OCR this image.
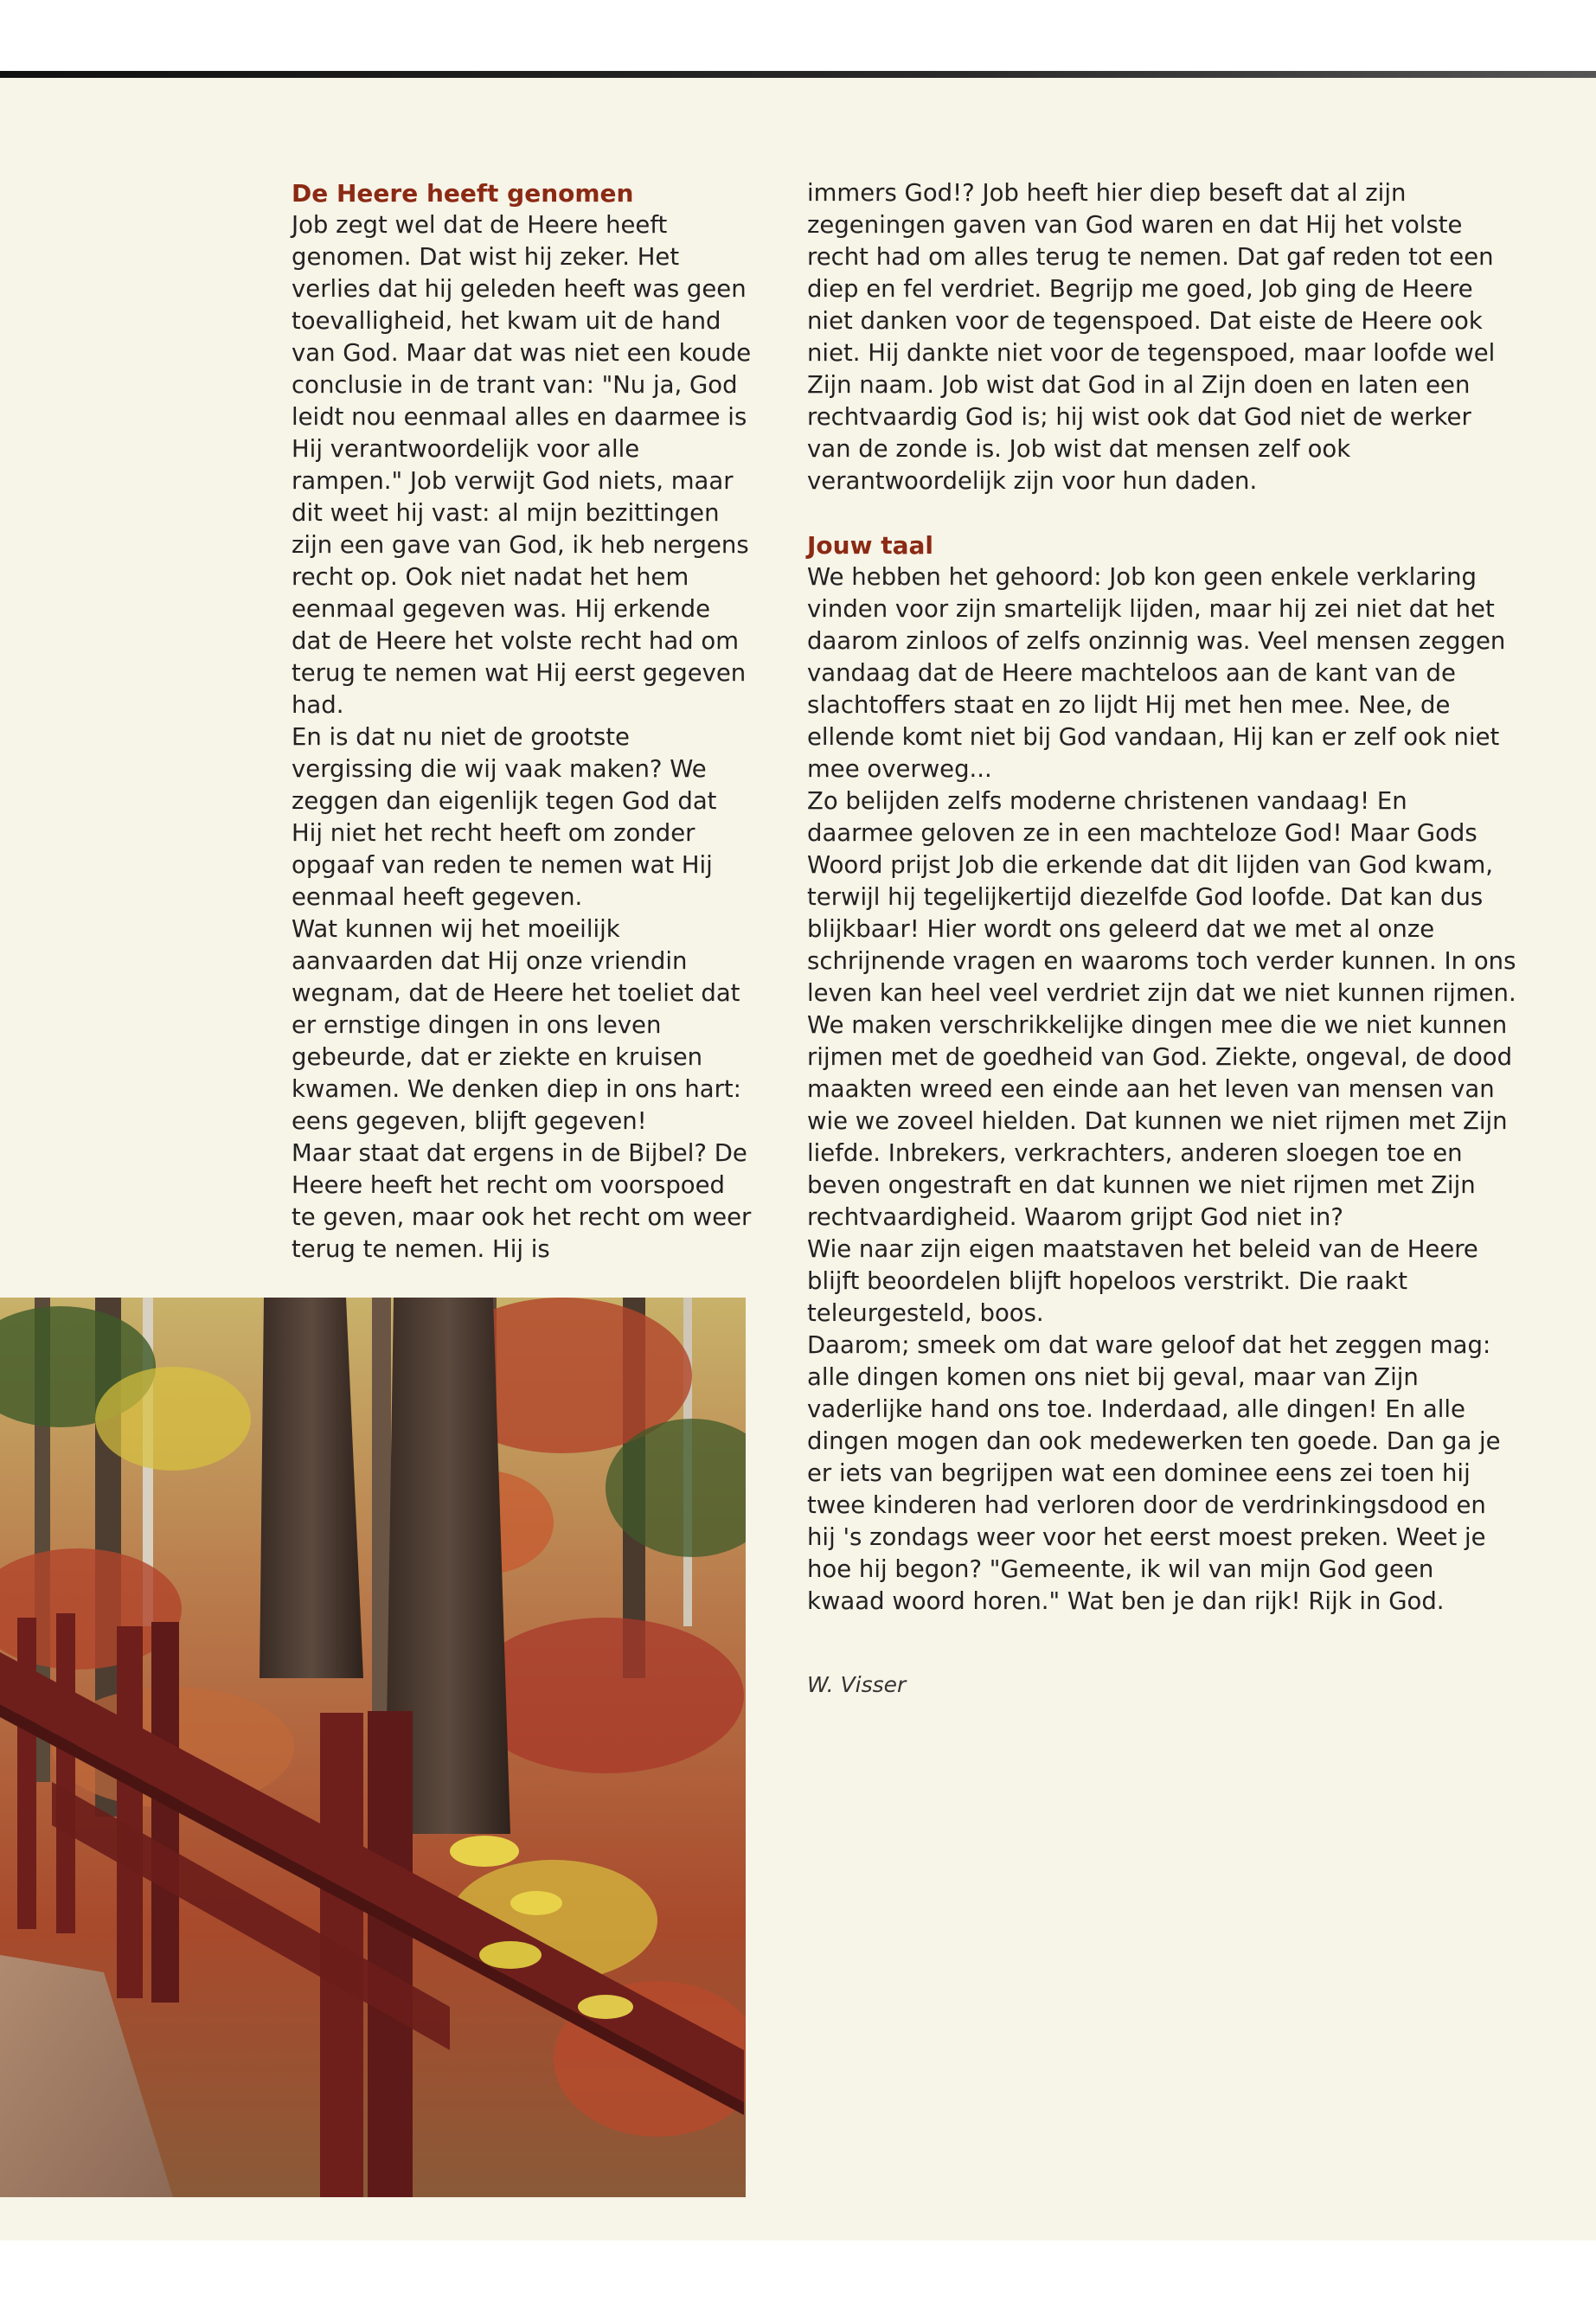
De Heere heeft genomen

Job zegt wel dat de Heere heeft genomen. Dat wist hij zeker. Het verlies dat hij geleden heeft was geen toevalligheid, het kwam uit de hand van God. Maar dat was niet een koude conclusie in de trant van: "Nu ja, God leidt nou eenmaal alles en daarmee is Hij verantwoordelijk voor alle rampen." Job verwijt God niets, maar dit weet hij vast: al mijn bezittingen zijn een gave van God, ik heb nergens recht op. Ook niet nadat het hem eenmaal gegeven was. Hij erkende dat de Heere het volste recht had om terug te nemen wat Hij eerst gegeven had.

En is dat nu niet de grootste vergissing die wij vaak maken? We zeggen dan eigenlijk tegen God dat Hij niet het recht heeft om zonder opgaaf van reden te nemen wat Hij eenmaal heeft gegeven.

Wat kunnen wij het moeilijk aanvaarden dat Hij onze vriendin wegnam, dat de Heere het toeliet dat er ernstige dingen in ons leven gebeurde, dat er ziekte en kruisen kwamen. We denken diep in ons hart: eens gegeven, blijft gegeven!

Maar staat dat ergens in de Bijbel? De Heere heeft het recht om voorspoed te geven, maar ook het recht om weer terug te nemen. Hij is

immers God!? Job heeft hier diep beseft dat al zijn zegeningen gaven van God waren en dat Hij het volste recht had om alles terug te nemen. Dat gaf reden tot een diep en fel verdriet. Begrijp me goed, Job ging de Heere niet danken voor de tegenspoed. Dat eiste de Heere ook niet. Hij dankte niet voor de tegenspoed, maar loofde wel Zijn naam. Job wist dat God in al Zijn doen en laten een rechtvaardig God is; hij wist ook dat God niet de werker van de zonde is. Job wist dat mensen zelf ook verantwoordelijk zijn voor hun daden.

Jouw taal

We hebben het gehoord: Job kon geen enkele verklaring vinden voor zijn smartelijk lijden, maar hij zei niet dat het daarom zinloos of zelfs onzinnig was. Veel mensen zeggen vandaag dat de Heere machteloos aan de kant van de slachtoffers staat en zo lijdt Hij met hen mee. Nee, de ellende komt niet bij God vandaan, Hij kan er zelf ook niet mee overweg...

Zo belijden zelfs moderne christenen vandaag! En daarmee geloven ze in een machteloze God! Maar Gods Woord prijst Job die erkende dat dit lijden van God kwam, terwijl hij tegelijkertijd diezelfde God loofde. Dat kan dus blijkbaar! Hier wordt ons geleerd dat we met al onze schrijnende vragen en waaroms toch verder kunnen. In ons leven kan heel veel verdriet zijn dat we niet kunnen rijmen. We maken verschrikkelijke dingen mee die we niet kunnen rijmen met de goedheid van God. Ziekte, ongeval, de dood maakten wreed een einde aan het leven van mensen van wie we zoveel hielden. Dat kunnen we niet rijmen met Zijn liefde. Inbrekers, verkrachters, anderen sloegen toe en beven ongestraft en dat kunnen we niet rijmen met Zijn rechtvaardigheid. Waarom grijpt God niet in?

Wie naar zijn eigen maatstaven het beleid van de Heere blijft beoordelen blijft hopeloos verstrikt. Die raakt teleurgesteld, boos.

Daarom; smeek om dat ware geloof dat het zeggen mag: alle dingen komen ons niet bij geval, maar van Zijn vaderlijke hand ons toe. Inderdaad, alle dingen! En alle dingen mogen dan ook medewerken ten goede. Dan ga je er iets van begrijpen wat een dominee eens zei toen hij twee kinderen had verloren door de verdrinkingsdood en hij 's zondags weer voor het eerst moest preken. Weet je hoe hij begon? "Gemeente, ik wil van mijn God geen kwaad woord horen." Wat ben je dan rijk! Rijk in God.

W. Visser
